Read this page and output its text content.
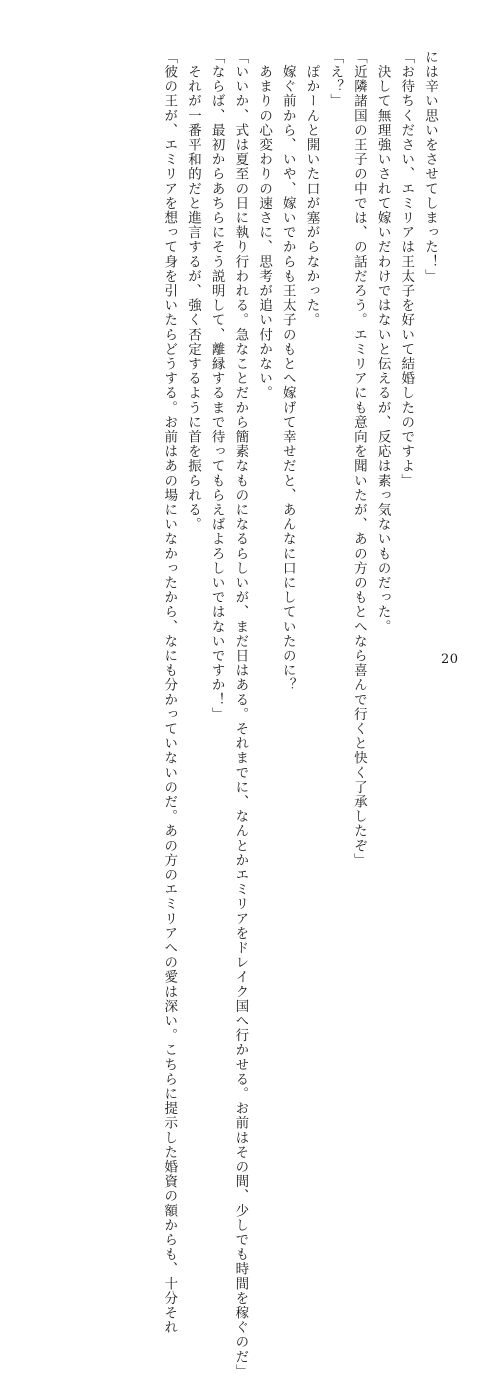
には辛い思いをさせてしまった！」
「お待ちください、エミリアは王太子を好いて結婚したのですよ」
　決して無理強いされて嫁いだわけではないと伝えるが、反応は素っ気ないものだった。
「近隣諸国の王子の中では、の話だろう。エミリアにも意向を聞いたが、あの方のもとへなら喜んで行くと快く了承したぞ」
「え？」
　ぽかーんと開いた口が塞がらなかった。
　嫁ぐ前から、いや、嫁いでからも王太子のもとへ嫁げて幸せだと、あんなに口にしていたのに？
　あまりの心変わりの速さに、思考が追い付かない。
「いいか、式は夏至の日に執り行われる。急なことだから簡素なものになるらしいが、まだ日はある。それまでに、なんとかエミリアをドレイク国へ行かせる。お前はその間、少しでも時間を稼ぐのだ」
「ならば、最初からあちらにそう説明して、離縁するまで待ってもらえばよろしいではないですか！」
　それが一番平和的だと進言するが、強く否定するように首を振られる。
「彼の王が、エミリアを想って身を引いたらどうする。お前はあの場にいなかったから、なにも分かっていないのだ。あの方のエミリアへの愛は深い。こちらに提示した婚資の額からも、十分それ	20
